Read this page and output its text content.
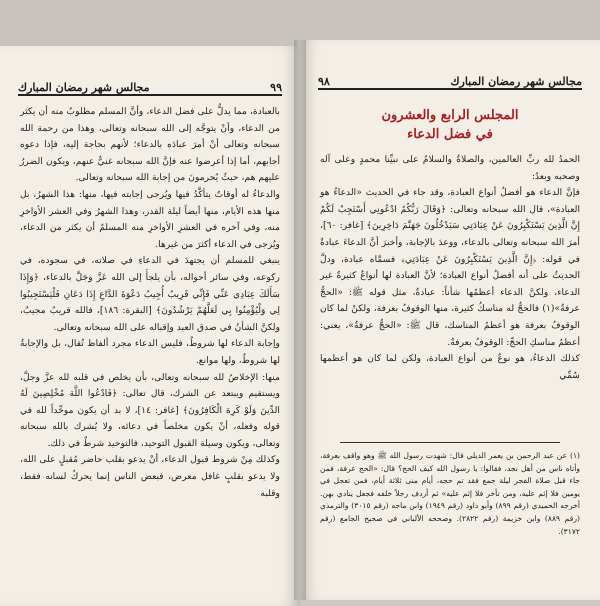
٩٩
مجالس شهر رمضان المبارك

بالعبادة، مما يدلُّ على فضل الدعاء، وأنَّ المسلم مطلوبٌ منه أن يكثر من الدعاء، وأنْ يتوجَّه إلى الله سبحانه وتعالى، وهذا من رحمة الله سبحانه وتعالى أنْ أمرَ عبادَه بالدعاء؛ لأنهم بحاجة إليه، فإذا دعوه أجابهم، أما إذا أعرضوا عنه فإنَّ الله سبحانه غنيٌّ عنهم، ويكون الضررُ عليهم هم، حيثُ يُحرمونَ من إجابة الله سبحانه وتعالى.

والدعاءُ له أوقاتٌ يتأكَّدُ فيها ويُرجى إجابته فيها، منها: هذا الشهرُ، بل منها هذه الأيام، منها أيضاً ليلة القدر، وهذا الشهرُ وفي العشر الأواخرِ منه، وفي آخره في العشرِ الأواخرِ منه المسلمُ أن يكثر من الدعاء، ويُرجى في الدعاء أكثرَ من غيرها.

ينبغي للمسلم أن يجتهدَ في الدعاءِ في صلاته، في سجوده، في ركوعه، وفي سائر أحواله، بأن يلجأَ إلى الله عَزَّ وجَلَّ بالدعاء، ﴿وَإِذَا سَأَلَكَ عِبَادِي عَنِّي فَإِنِّي قَرِيبٌ أُجِيبُ دَعْوَةَ الدَّاعِ إِذَا دَعَانِ فَلْيَسْتَجِيبُوا لِي وَلْيُؤْمِنُوا بِي لَعَلَّهُمْ يَرْشُدُونَ﴾ [البقرة: ١٨٦]، فالله قريبٌ مجيبٌ، ولكنَّ الشأنُ في صدق العبد وإقباله على الله سبحانه وتعالى.

وإجابة الدعاء لها شروطٌ، فليس الدعاء مجرد ألفاظ تُقال، بل والإجابةُ لها شروطٌ، ولها موانع.

منها: الإخلاصُ لله سبحانه وتعالى، بأن يخلص في قلبه لله عزَّ وجلَّ، ويستقيم ويبتعد عن الشرك، قال تعالى: ﴿فَادْعُوا اللَّهَ مُخْلِصِينَ لَهُ الدِّينَ وَلَوْ كَرِهَ الْكَافِرُونَ﴾ [غافر: ١٤]، لا بد أن يكون موحِّداً لله في قوله وفعله، أنْ يكون مخلصاً في دعائه، ولا يُشرك بالله سبحانه وتعالى، ويكون وسيلة القبول التوحيد، فالتوحيد شرطٌ في ذلك.

وكذلك مِنْ شروط قبول الدعاء، أنْ يدعو بقلب حاضر مُقبلٍ على الله، ولا يدعو بقلبٍ غافل معرض، فبعض الناس إنما يحركُ لسانه فقط، وقلبه

مجالس شهر رمضان المبارك
٩٨
المجلس الرابع والعشرون
في فضل الدعاء

الحمدُ لله ربِّ العالمين، والصلاةُ والسلامُ على نبيِّنا محمدٍ وعلى آله وصحبه وبعدُ:

فإنَّ الدعاء هو أفضلُ أنواع العبادة، وقد جاء في الحديث «الدعاءُ هو العبادة»، قال الله سبحانه وتعالى: ﴿وَقَالَ رَبُّكُمُ ادْعُونِي أَسْتَجِبْ لَكُمْ إِنَّ الَّذِينَ يَسْتَكْبِرُونَ عَنْ عِبَادَتِي سَيَدْخُلُونَ جَهَنَّمَ دَاخِرِينَ﴾ [غافر: ٦٠]، أمرَ الله سبحانه وتعالى بالدعاء، ووعدَ بالإجابة، وأخبرَ أنَّ الدعاءَ عبادةٌ في قوله: ﴿إِنَّ الَّذِينَ يَسْتَكْبِرُونَ عَنْ عِبَادَتِي﴾ فسمَّاه عبادة، ودلَّ الحديثُ على أنه أفضلُ أنواع العبادة؛ لأنَّ العبادة لها أنواعٌ كثيرةٌ غير الدعاء، ولكنَّ الدعاء أعظمُها شأناً: عبادةٌ، مثل قوله ﷺ: «الحجُّ عرفةٌ»(١) فالحجُّ له مناسكُ كثيرة، منها الوقوفُ بعرفة، ولكنْ لما كان الوقوفُ بعرفة هو أعظمُ المناسك، قال ﷺ: «الحجُّ عرفةٌ»، يعني: أعظمُ مناسكِ الحجِّ: الوقوفُ بعرفةٌ.

كذلك الدعاءُ، هو نوعٌ من أنواع العبادة، ولكن لما كان هو أعظمها سُمِّي

(١) عن عبد الرحمن بن يعمر الديلي قال: شهدت رسول الله ﷺ وهو واقف بعرفة، وأتاه ناس من أهل نجد، فقالوا: يا رسول الله كيف الحج؟ قال: «الحج عرفة، فمن جاء قبل صلاة الفجر ليلة جمع فقد تم حجه، أيام منى ثلاثة أيام، فمن تعجل في يومين فلا إثم عليه، ومن تأخر فلا إثم عليه» ثم أردف رجلاً خلفه فجعل ينادي بهن. أخرجه الحميدي (رقم ٨٩٩) وأبو داود (رقم ١٩٤٩) وابن ماجه (رقم ٣٠١٥) والترمذي (رقم ٨٨٩) وابن خزيمة (رقم ٢٨٢٢). وصححه الألباني في صحيح الجامع (رقم ٣١٧٢).
